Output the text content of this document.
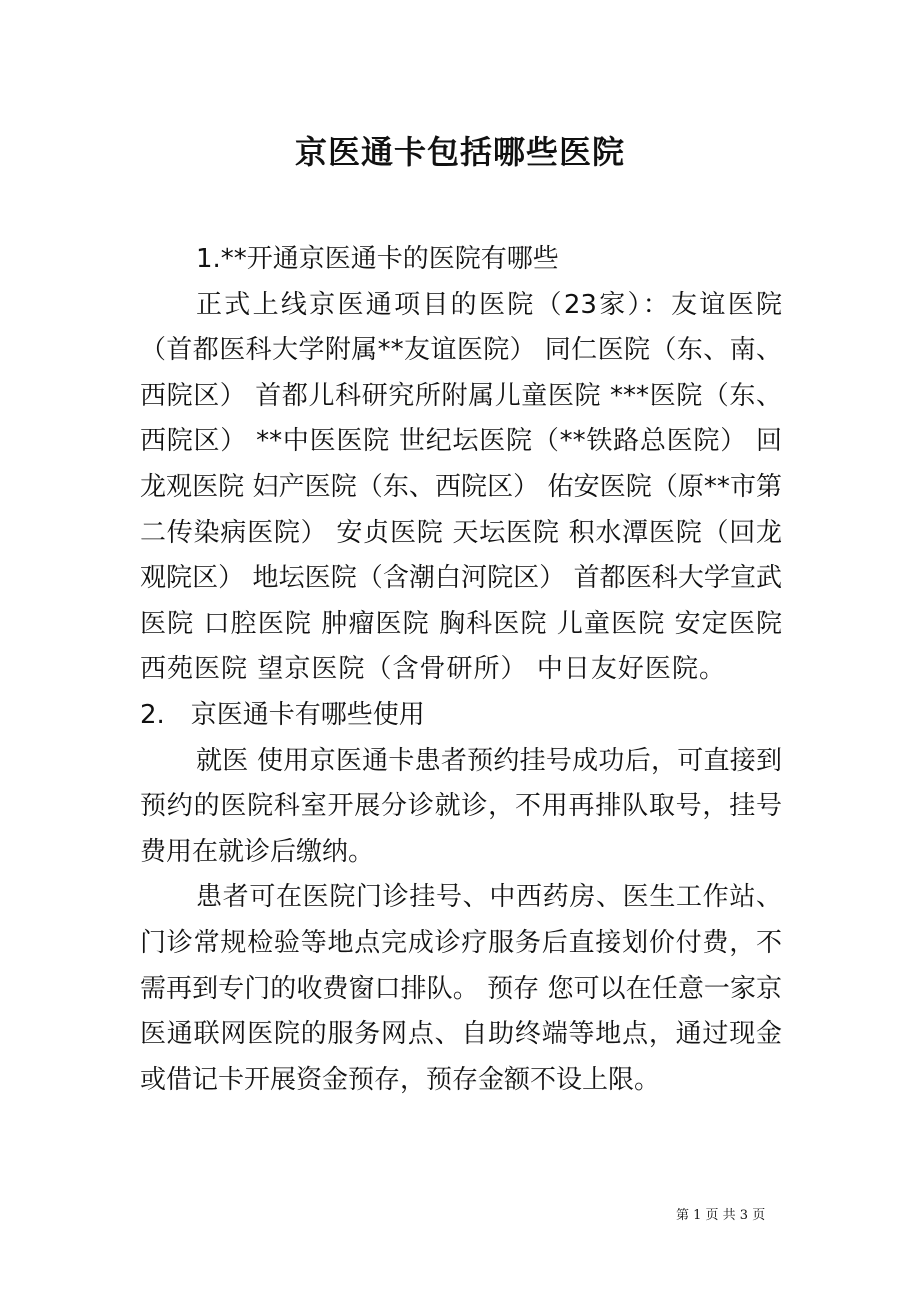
京医通卡包括哪些医院

1.**开通京医通卡的医院有哪些

正式上线京医通项目的医院（23家）：友谊医院（首都医科大学附属**友谊医院） 同仁医院（东、南、西院区） 首都儿科研究所附属儿童医院 ***医院（东、西院区） **中医医院 世纪坛医院（**铁路总医院） 回龙观医院 妇产医院（东、西院区） 佑安医院（原**市第二传染病医院） 安贞医院 天坛医院 积水潭医院（回龙观院区） 地坛医院（含潮白河院区） 首都医科大学宣武医院 口腔医院 肿瘤医院 胸科医院 儿童医院 安定医院 西苑医院 望京医院（含骨研所） 中日友好医院。2.　京医通卡有哪些使用

就医 使用京医通卡患者预约挂号成功后，可直接到预约的医院科室开展分诊就诊，不用再排队取号，挂号费用在就诊后缴纳。

患者可在医院门诊挂号、中西药房、医生工作站、门诊常规检验等地点完成诊疗服务后直接划价付费，不需再到专门的收费窗口排队。 预存 您可以在任意一家京医通联网医院的服务网点、自助终端等地点，通过现金或借记卡开展资金预存，预存金额不设上限。

第 1 页 共 3 页
